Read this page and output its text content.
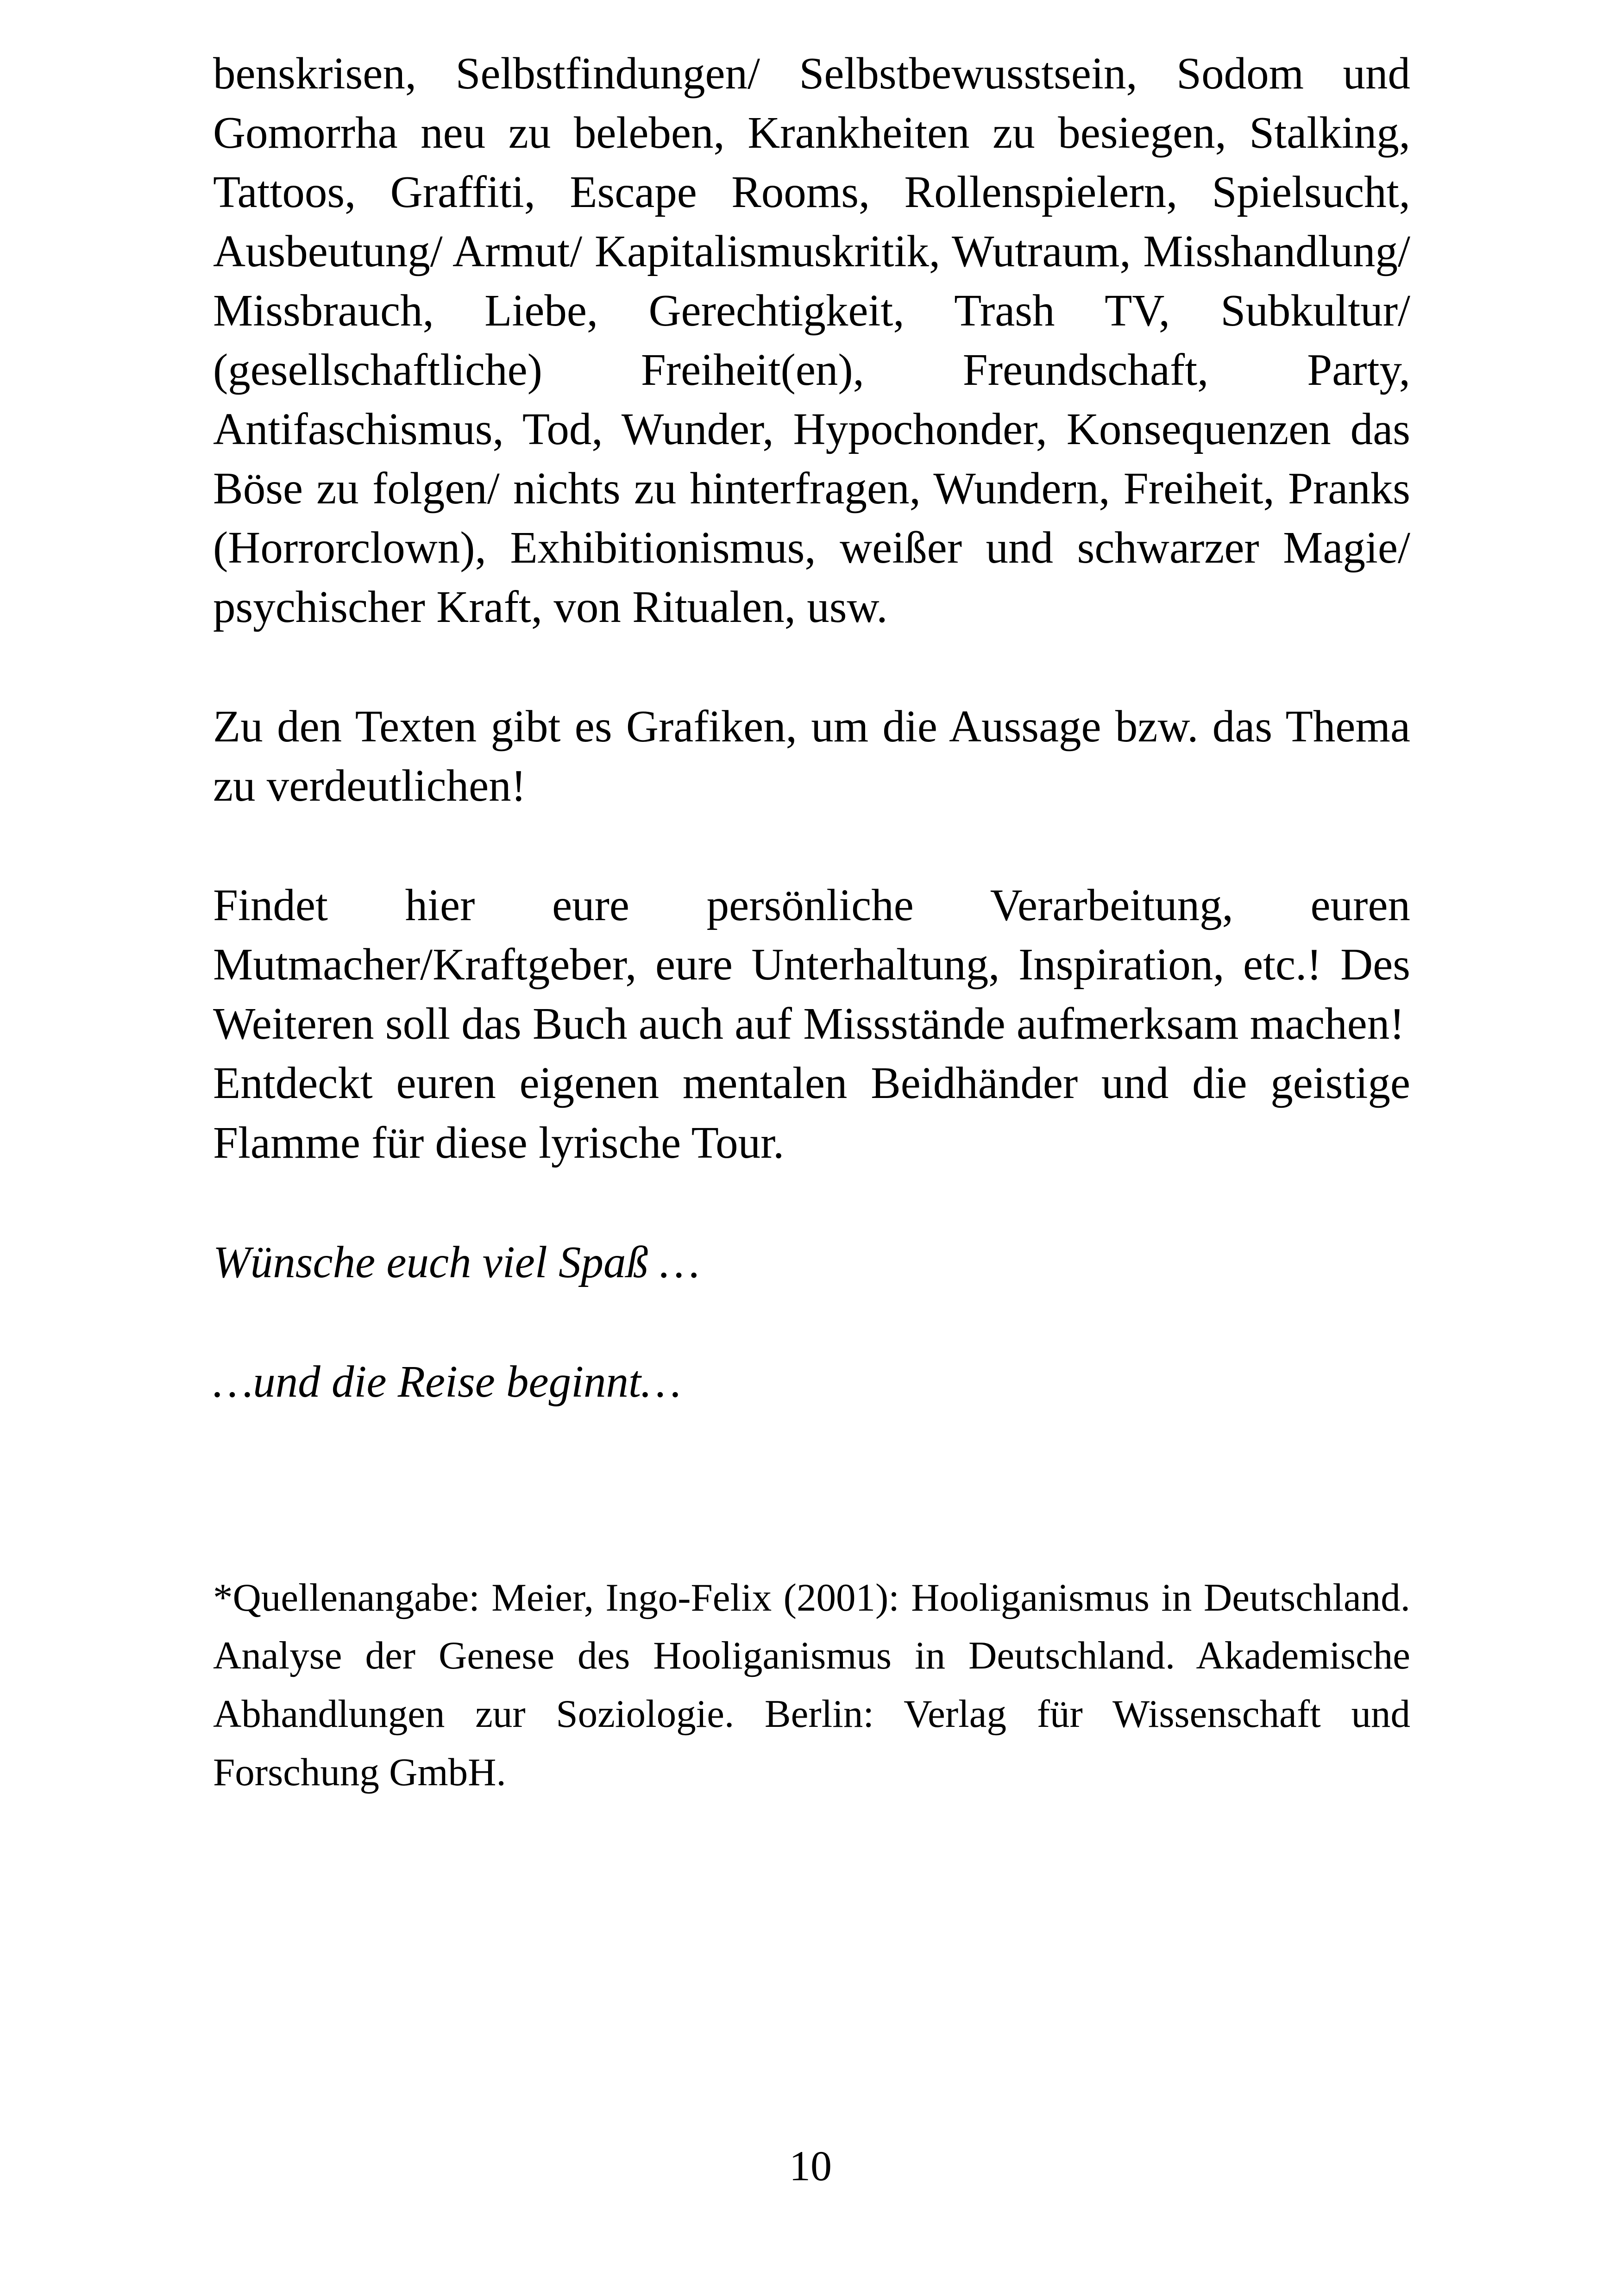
benskrisen, Selbstfindungen/ Selbstbewusstsein, Sodom und Gomorrha neu zu beleben, Krankheiten zu besiegen, Stalking, Tattoos, Graffiti, Escape Rooms, Rollenspielern, Spielsucht, Ausbeutung/ Armut/ Kapitalismuskritik, Wutraum, Misshandlung/ Missbrauch, Liebe, Gerechtigkeit, Trash TV, Subkultur/ (gesellschaftliche) Freiheit(en), Freundschaft, Party, Antifaschismus, Tod, Wunder, Hypochonder, Konsequenzen das Böse zu folgen/ nichts zu hinterfragen, Wundern, Freiheit, Pranks (Horrorclown), Exhibitionismus, weißer und schwarzer Magie/ psychischer Kraft, von Ritualen, usw.

Zu den Texten gibt es Grafiken, um die Aussage bzw. das Thema zu verdeutlichen!

Findet hier eure persönliche Verarbeitung, euren Mutmacher/Kraftgeber, eure Unterhaltung, Inspiration, etc.! Des Weiteren soll das Buch auch auf Missstände aufmerksam machen!

Entdeckt euren eigenen mentalen Beidhänder und die geistige Flamme für diese lyrische Tour.

Wünsche euch viel Spaß …

…und die Reise beginnt…

*Quellenangabe: Meier, Ingo-Felix (2001): Hooliganismus in Deutschland. Analyse der Genese des Hooliganismus in Deutschland. Akademische Abhandlungen zur Soziologie. Berlin: Verlag für Wissenschaft und Forschung GmbH.

10
